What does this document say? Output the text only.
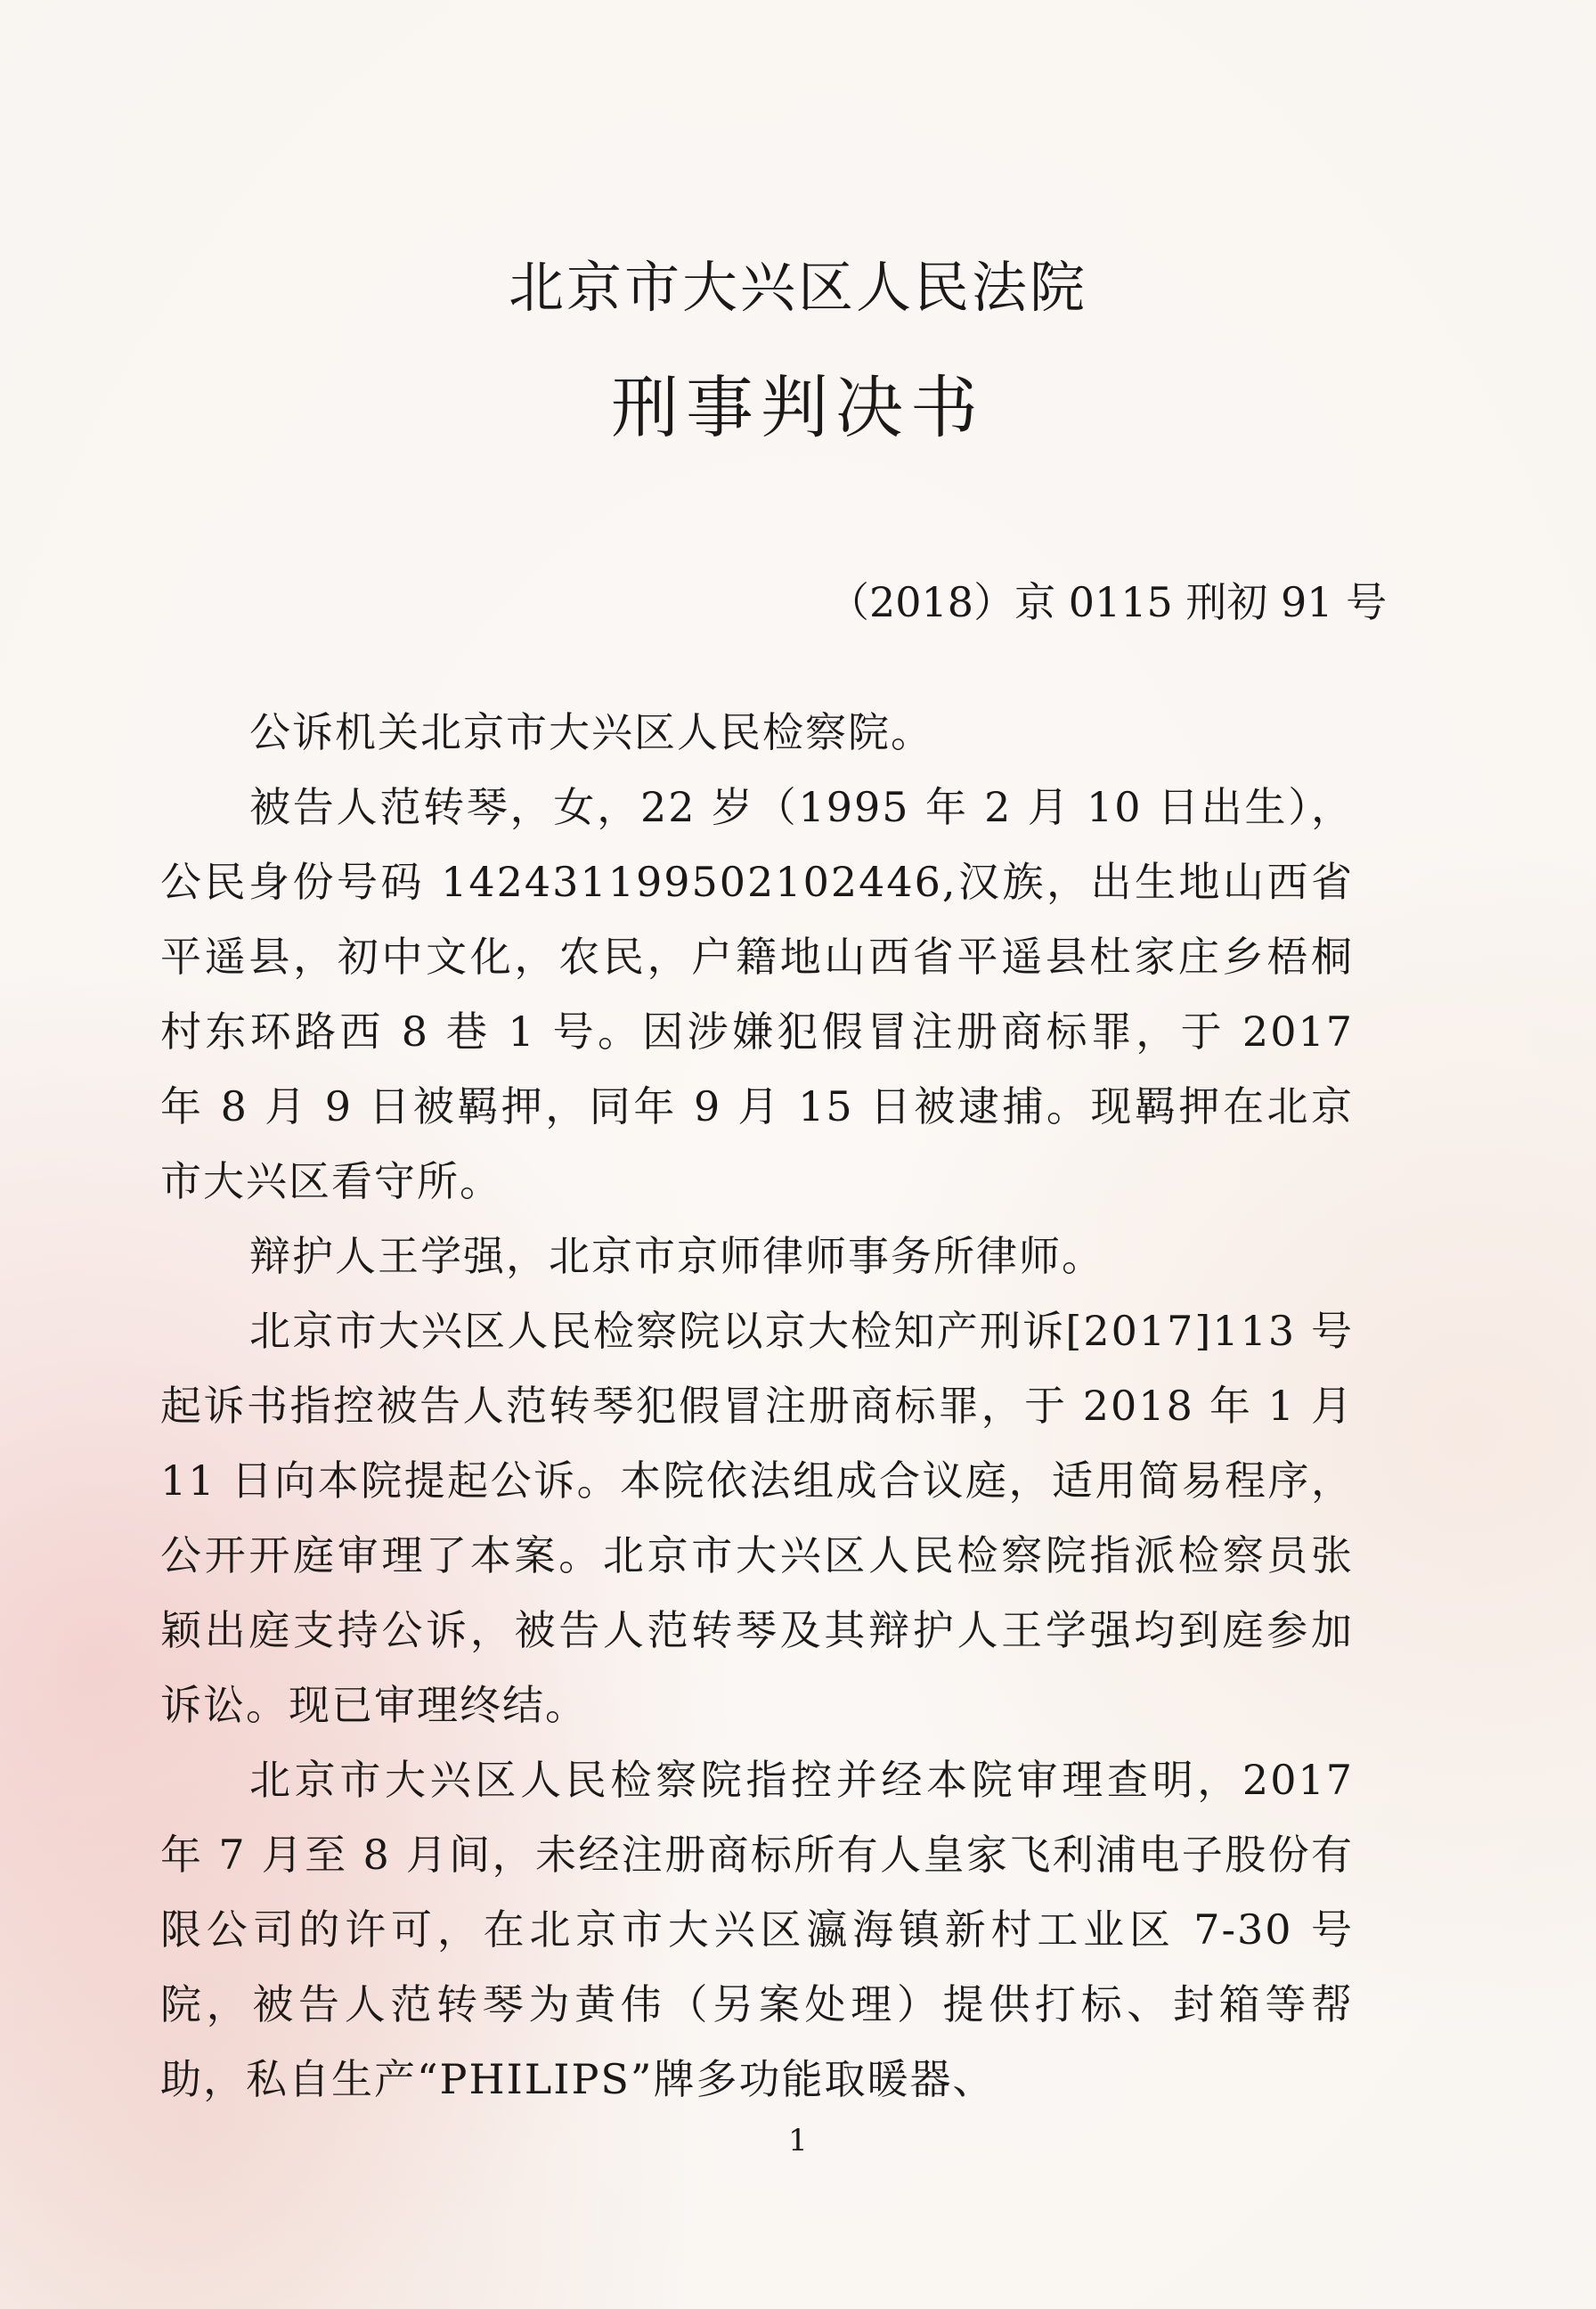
北京市大兴区人民法院
刑事判决书
（2018）京 0115 刑初 91 号

公诉机关北京市大兴区人民检察院。

被告人范转琴，女，22 岁（1995 年 2 月 10 日出生），公民身份号码 142431199502102446,汉族，出生地山西省平遥县，初中文化，农民，户籍地山西省平遥县杜家庄乡梧桐村东环路西 8 巷 1 号。因涉嫌犯假冒注册商标罪，于 2017 年 8 月 9 日被羁押，同年 9 月 15 日被逮捕。现羁押在北京市大兴区看守所。

辩护人王学强，北京市京师律师事务所律师。

北京市大兴区人民检察院以京大检知产刑诉[2017]113 号起诉书指控被告人范转琴犯假冒注册商标罪，于 2018 年 1 月 11 日向本院提起公诉。本院依法组成合议庭，适用简易程序，公开开庭审理了本案。北京市大兴区人民检察院指派检察员张颖出庭支持公诉，被告人范转琴及其辩护人王学强均到庭参加诉讼。现已审理终结。

北京市大兴区人民检察院指控并经本院审理查明，2017 年 7 月至 8 月间，未经注册商标所有人皇家飞利浦电子股份有限公司的许可，在北京市大兴区瀛海镇新村工业区 7-30 号院，被告人范转琴为黄伟（另案处理）提供打标、封箱等帮助，私自生产“PHILIPS”牌多功能取暖器、

1
